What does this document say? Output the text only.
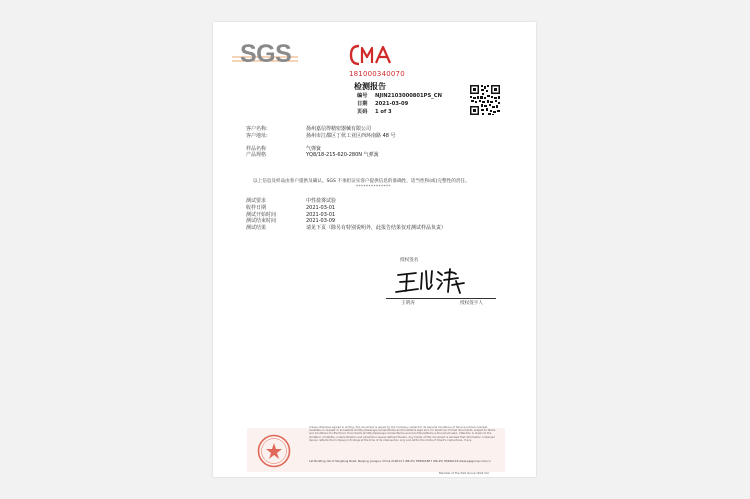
SGS
181000340070
检测报告
编号	NJIN2103000801PS_CN
日期	2021-03-09
页码	1 of 3
客户名称:	扬州嘉信得精密器械有限公司
客户地址:	扬州市江都区丁伙工业区西环南路 48 号
样品名称	气弹簧
产品规格	YQ8/18-215-620-280N 气弹簧
以上信息及样品由客户提供及确认。SGS 不承担证实客户提供信息的准确性、适当性和(或)完整性的责任。
**************
测试要求	中性盐雾试验
收样日期	2021-03-01
测试开始时间	2021-03-01
测试结束时间	2021-03-09
测试结果	请见下页（除另有特别说明外，此报告结果仅对测试样品负责）
授权签名
王明涛	授权签字人
Unless otherwise agreed in writing, this document is issued by the Company subject to its General Conditions of Service printed overleaf, available on request or accessible at http://www.sgs.com/en/Terms-and-Conditions.aspx and, for electronic format documents, subject to Terms and Conditions for Electronic Documents at http://www.sgs.com/en/Terms-and-Conditions/Terms-e-Document.aspx. Attention is drawn to the limitation of liability, indemnification and jurisdiction issues defined therein. Any holder of this document is advised that information contained hereon reflects the Company's findings at the time of its intervention only and within the limits of Client's instructions, if any.
1st Building, No.9 Hengfeng Road, Nanjing, Jiangsu, China 210014 t (86-25) 85666188 f (86-25) 85666118 www.sgsgroup.com.cn
Member of the SGS Group (SGS SA)
